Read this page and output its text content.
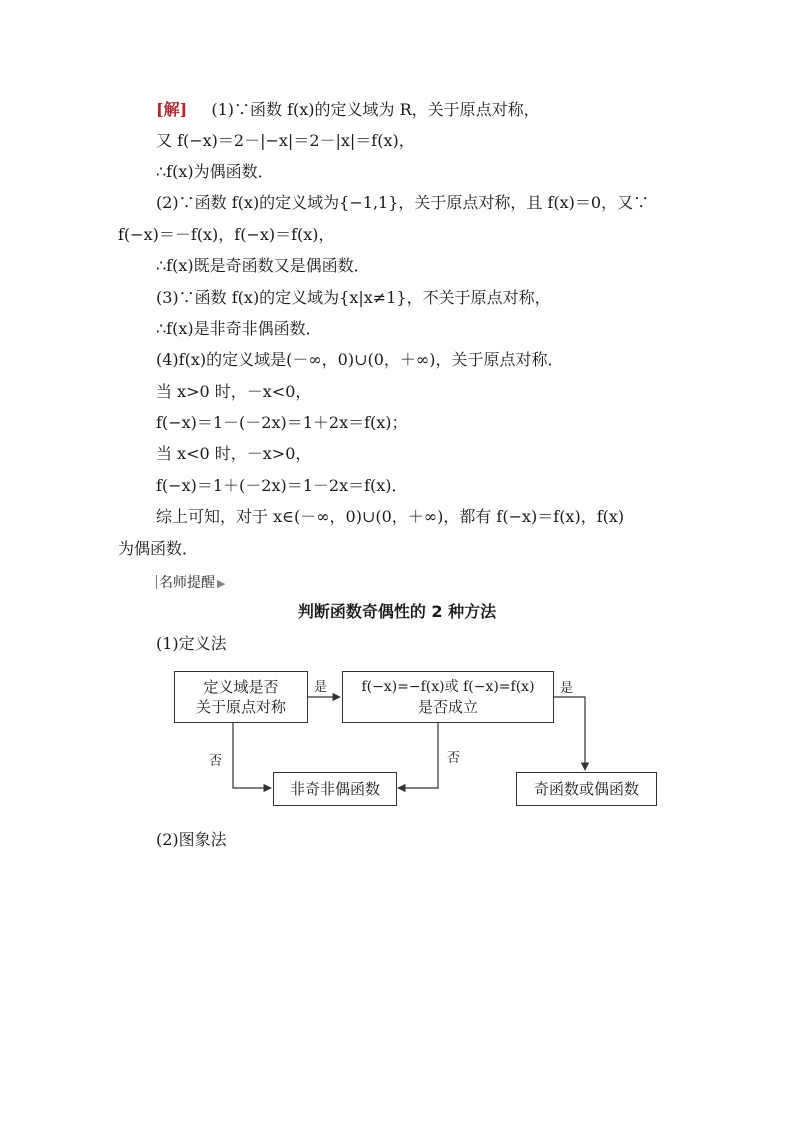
[解] (1)∵函数 f(x)的定义域为 R，关于原点对称，
又 f(−x)＝2－|−x|＝2－|x|＝f(x)，
∴f(x)为偶函数．
(2)∵函数 f(x)的定义域为{−1,1}，关于原点对称，且 f(x)＝0，又∵
f(−x)＝－f(x)，f(−x)＝f(x)，
∴f(x)既是奇函数又是偶函数．
(3)∵函数 f(x)的定义域为{x|x≠1}，不关于原点对称，
∴f(x)是非奇非偶函数．
(4)f(x)的定义域是(－∞，0)∪(0，＋∞)，关于原点对称．
当 x>0 时，－x<0，
f(−x)＝1－(－2x)＝1＋2x＝f(x)；
当 x<0 时，－x>0，
f(−x)＝1＋(－2x)＝1－2x＝f(x)．
综上可知，对于 x∈(－∞，0)∪(0，＋∞)，都有 f(−x)＝f(x)，f(x)
为偶函数．
名师提醒 ▶
判断函数奇偶性的 2 种方法
(1)定义法
定义域是否
关于原点对称
f(−x)=−f(x)或 f(−x)=f(x)
是否成立
非奇非偶函数	奇函数或偶函数
是	是
否	否
(2)图象法
